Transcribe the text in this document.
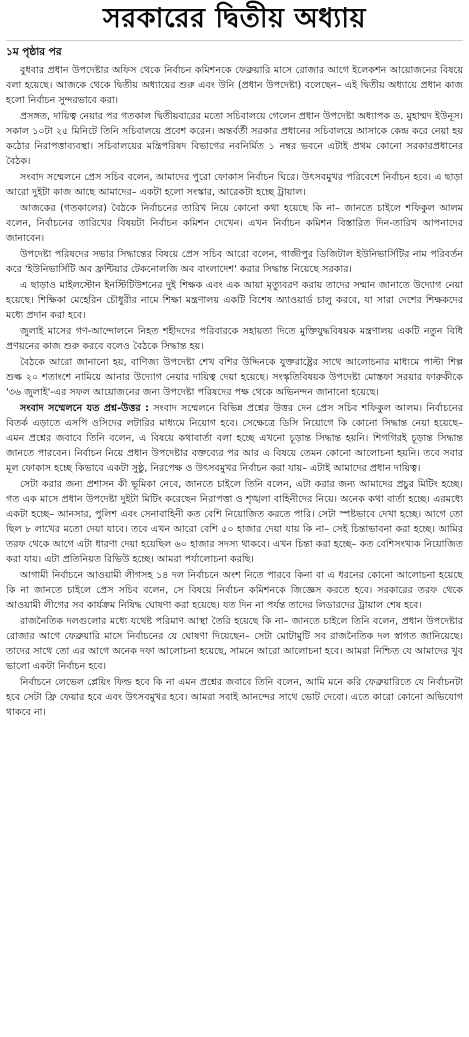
সরকারের দ্বিতীয় অধ্যায়
১ম পৃষ্ঠার পর

বুধবার প্রধান উপদেষ্টার অফিস থেকে নির্বাচন কমিশনকে ফেব্রুয়ারি মাসে রোজার আগে ইলেকশন আয়োজনের বিষয়ে বলা হয়েছে। আজকে থেকে দ্বিতীয় অধ্যায়ের শুরু এবং উনি (প্রধান উপদেষ্টা) বলেছেন– এই দ্বিতীয় অধ্যায়ে প্রধান কাজ হলো নির্বাচন সুন্দরভাবে করা।

প্রসঙ্গত, দায়িত্ব নেয়ার পর গতকাল দ্বিতীয়বারের মতো সচিবালয়ে গেলেন প্রধান উপদেষ্টা অধ্যাপক ড. মুহাম্মদ ইউনূস। সকাল ১০টা ২৫ মিনিটে তিনি সচিবালয়ে প্রবেশ করেন। অন্তর্বর্তী সরকার প্রধানের সচিবালয়ে আসাকে কেন্দ্র করে নেয়া হয় কঠোর নিরাপত্তাব্যবস্থা। সচিবালয়ের মন্ত্রিপরিষদ বিভাগের নবনির্মিত ১ নম্বর ভবনে এটাই প্রথম কোনো সরকারপ্রধানের বৈঠক।

সংবাদ সম্মেলনে প্রেস সচিব বলেন, আমাদের পুরো ফোকাস নির্বাচন ঘিরে। উৎসবমুখর পরিবেশে নির্বাচন হবে। এ ছাড়া আরো দুইটা কাজ আছে আমাদের– একটা হলো সংস্কার, আরেকটা হচ্ছে ট্রায়াল।

আজকের (গতকালের) বৈঠকে নির্বাচনের তারিখ নিয়ে কোনো কথা হয়েছে কি না– জানতে চাইলে শফিকুল আলম বলেন, নির্বাচনের তারিখের বিষয়টা নির্বাচন কমিশন দেখেন। এখন নির্বাচন কমিশন বিস্তারিত দিন-তারিখ আপনাদের জানাবেন।

উপদেষ্টা পরিষদের সভার সিদ্ধান্তের বিষয়ে প্রেস সচিব আরো বলেন, গাজীপুর ডিজিটাল ইউনিভার্সিটির নাম পরিবর্তন করে 'ইউনিভার্সিটি অব ফ্রন্টিয়ার টেকনোলজি অব বাংলাদেশ' করার সিদ্ধান্ত নিয়েছে সরকার।

এ ছাড়াও মাইলস্টোন ইনস্টিটিউশনের দুই শিক্ষক এবং এক আয়া মৃত্যুবরণ করায় তাদের সম্মান জানাতে উদ্যোগ নেয়া হয়েছে। শিক্ষিকা মেহেরিন চৌধুরীর নামে শিক্ষা মন্ত্রণালয় একটি বিশেষ অ্যাওয়ার্ড চালু করবে, যা সারা দেশের শিক্ষকদের মধ্যে প্রদান করা হবে।

জুলাই মাসের গণ-আন্দোলনে নিহত শহীদদের পরিবারকে সহায়তা দিতে মুক্তিযুদ্ধবিষয়ক মন্ত্রণালয় একটি নতুন বিধি প্রণয়নের কাজ শুরু করবে বলেও বৈঠকে সিদ্ধান্ত হয়।

বৈঠকে আরো জানানো হয়, বাণিজ্য উপদেষ্টা শেখ বশির উদ্দিনকে যুক্তরাষ্ট্রের সাথে আলোচনার মাধ্যমে পাল্টা শিল্প শুল্ক ২০ শতাংশে নামিয়ে আনার উদ্যোগ নেয়ার দায়িত্ব দেয়া হয়েছে। সংস্কৃতিবিষয়ক উপদেষ্টা মোস্তফা সরয়ার ফারুকীকে '৩৬ জুলাই'-এর সফল আয়োজনের জন্য উপদেষ্টা পরিষদের পক্ষ থেকে অভিনন্দন জানানো হয়েছে।

সংবাদ সম্মেলনে যত প্রশ্ন-উত্তর : সংবাদ সম্মেলনে বিভিন্ন প্রশ্নের উত্তর দেন প্রেস সচিব শফিকুল আলম। নির্বাচনের বিতর্ক এড়াতে এসপি ওসিদের লটারির মাধ্যমে নিয়োগ হবে। সেক্ষেত্রে ডিসি নিয়োগে কি কোনো সিদ্ধান্ত নেয়া হয়েছে– এমন প্রশ্নের জবাবে তিনি বলেন, এ বিষয়ে কথাবার্তা বলা হচ্ছে এখনো চূড়ান্ত সিদ্ধান্ত হয়নি। শিগগিরই চূড়ান্ত সিদ্ধান্ত জানতে পারবেন। নির্বাচন নিয়ে প্রধান উপদেষ্টার বক্তব্যের পর আর এ বিষয়ে তেমন কোনো আলোচনা হয়নি। তবে সবার মূল ফোকাস হচ্ছে কিভাবে একটা সুষ্ঠু, নিরপেক্ষ ও উৎসবমুখর নির্বাচন করা যায়– এটাই আমাদের প্রধান দায়িত্ব।

সেটা করার জন্য প্রশাসন কী ভূমিকা নেবে, জানতে চাইলে তিনি বলেন, এটা করার জন্য আমাদের প্রচুর মিটিং হচ্ছে। গত এক মাসে প্রধান উপদেষ্টা দুইটা মিটিং করেছেন নিরাপত্তা ও শৃঙ্খলা বাহিনীদের নিয়ে। অনেক কথা বার্তা হচ্ছে। এরমধ্যে একটা হচ্ছে– আনসার, পুলিশ এবং সেনাবাহিনী কত বেশি নিয়োজিত করতে পারি। সেটা স্পষ্টভাবে দেখা হচ্ছে। আগে তো ছিল ৮ লাখের মতো দেয়া যাবে। তবে এখন আরো বেশি ৫০ হাজার দেয়া যায় কি না– সেই চিন্তাভাবনা করা হচ্ছে। আমির তরফ থেকে আগে এটা ধারণা দেয়া হয়েছিল ৬০ হাজার সদস্য থাকবে। এখন চিন্তা করা হচ্ছে– কত বেশিসংখ্যক নিয়োজিত করা যায়। এটা প্রতিনিয়ত রিভিউ হচ্ছে। আমরা পর্যালোচনা করছি।

আগামী নির্বাচনে আওয়ামী লীগসহ ১৪ দল নির্বাচনে অংশ নিতে পারবে কিনা বা এ ধরনের কোনো আলোচনা হয়েছে কি না জানতে চাইলে প্রেস সচিব বলেন, সে বিষয়ে নির্বাচন কমিশনকে জিজ্ঞেস করতে হবে। সরকারের তরফ থেকে আওয়ামী লীগের সব কার্যক্রম নিষিদ্ধ ঘোষণা করা হয়েছে। যত দিন না পর্যন্ত তাদের লিডারদের ট্রায়াল শেষ হবে।

রাজনৈতিক দলগুলোর মধ্যে যথেষ্ট পরিমাণ আস্থা তৈরি হয়েছে কি না– জানতে চাইলে তিনি বলেন, প্রধান উপদেষ্টার রোজার আগে ফেব্রুয়ারি মাসে নির্বাচনের যে ঘোষণা দিয়েছেন– সেটা মোটামুটি সব রাজনৈতিক দল স্বাগত জানিয়েছে। তাদের সাথে তো এর আগে অনেক দফা আলোচনা হয়েছে, সামনে আরো আলোচনা হবে। আমরা নিশ্চিত যে আমাদের খুব ভালো একটা নির্বাচন হবে।

নির্বাচনে লেভেল প্লেয়িং ফিল্ড হবে কি না এমন প্রশ্নের জবাবে তিনি বলেন, আমি মনে করি ফেব্রুয়ারিতে যে নির্বাচনটা হবে সেটা ফ্রি ফেয়ার হবে এবং উৎসবমুখর হবে। আমরা সবাই আনন্দের সাথে ভোট দেবো। এতে কারো কোনো অভিযোগ থাকবে না।
